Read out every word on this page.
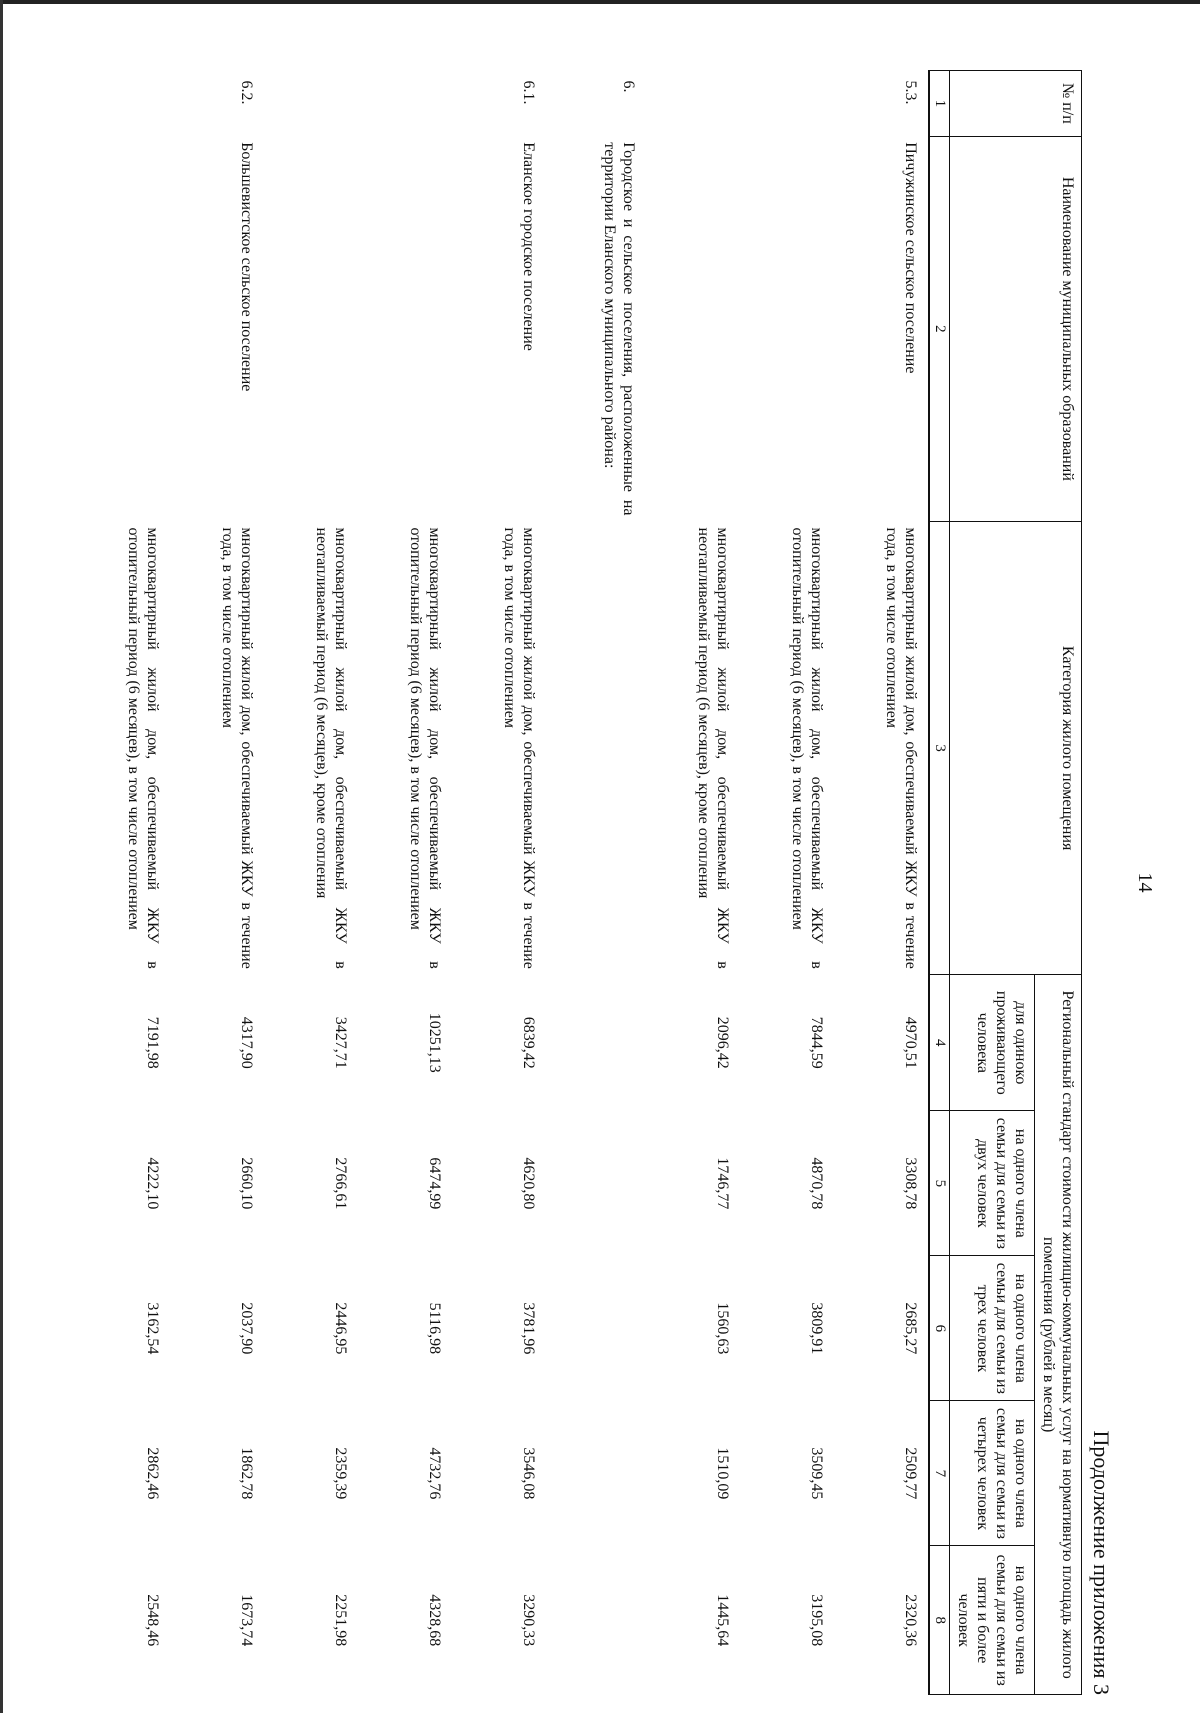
14
Продолжение приложения 3
№ п/п	Наименование муниципальных образований	Категория жилого помещения	Региональный стандарт стоимости жилищно-коммунальных услуг на нормативную площадь жилого помещения (рублей в месяц)				
			для одиноко проживающего человека	на одного члена семьи для семьи из двух человек	на одного члена семьи для семьи из трех человек	на одного члена семьи для семьи из четырех человек	на одного члена семьи для семьи из пяти и более человек
1	2	3	4	5	6	7	8
5.3.	Пичужинское сельское поселение	многоквартирный жилой дом, обеспечиваемый ЖКУ в течение года, в том числе отоплением	4970,51	3308,78	2685,27	2509,77	2320,36
		многоквартирный жилой дом, обеспечиваемый ЖКУ в отопительный период (6 месяцев), в том числе отоплением	7844,59	4870,78	3809,91	3509,45	3195,08
		многоквартирный жилой дом, обеспечиваемый ЖКУ в неотапливаемый период (6 месяцев), кроме отопления	2096,42	1746,77	1560,63	1510,09	1445,64
6.	Городское и сельское поселения, расположенные на территории Еланского муниципального района:						
6.1.	Еланское городское поселение	многоквартирный жилой дом, обеспечиваемый ЖКУ в течение года, в том числе отоплением	6839,42	4620,80	3781,96	3546,08	3290,33
		многоквартирный жилой дом, обеспечиваемый ЖКУ в отопительный период (6 месяцев), в том числе отоплением	10251,13	6474,99	5116,98	4732,76	4328,68
		многоквартирный жилой дом, обеспечиваемый ЖКУ в неотапливаемый период (6 месяцев), кроме отопления	3427,71	2766,61	2446,95	2359,39	2251,98
6.2.	Большевистское сельское поселение	многоквартирный жилой дом, обеспечиваемый ЖКУ в течение года, в том числе отоплением	4317,90	2660,10	2037,90	1862,78	1673,74
		многоквартирный жилой дом, обеспечиваемый ЖКУ в отопительный период (6 месяцев), в том числе отоплением	7191,98	4222,10	3162,54	2862,46	2548,46
